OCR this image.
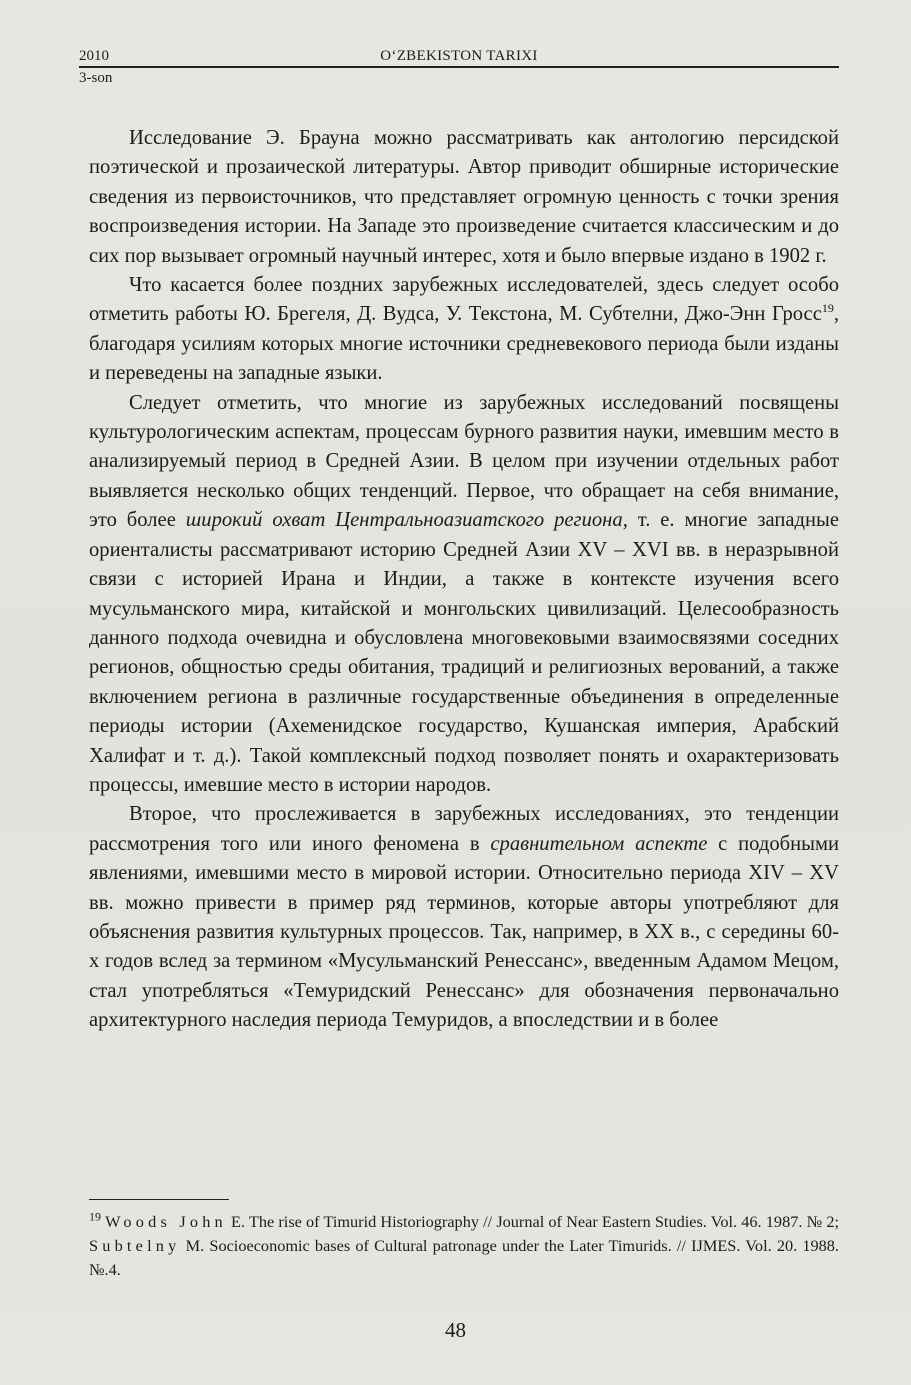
2010	O‘ZBEKISTON TARIXI
3-son

Исследование Э. Брауна можно рассматривать как антологию персидской поэтической и прозаической литературы. Автор приводит обширные исторические сведения из первоисточников, что представляет огромную ценность с точки зрения воспроизведения истории. На Западе это произведение считается классическим и до сих пор вызывает огромный научный интерес, хотя и было впервые издано в 1902 г.

Что касается более поздних зарубежных исследователей, здесь следует особо отметить работы Ю. Брегеля, Д. Вудса, У. Текстона, М. Субтелни, Джо-Энн Гросс$^{19}$, благодаря усилиям которых многие источники средневекового периода были изданы и переведены на западные языки.

Следует отметить, что многие из зарубежных исследований посвящены культурологическим аспектам, процессам бурного развития науки, имевшим место в анализируемый период в Средней Азии. В целом при изучении отдельных работ выявляется несколько общих тенденций. Первое, что обращает на себя внимание, это более широкий охват Центральноазиатского региона, т. е. многие западные ориенталисты рассматривают историю Средней Азии XV – XVI вв. в неразрывной связи с историей Ирана и Индии, а также в контексте изучения всего мусульманского мира, китайской и монгольских цивилизаций. Целесообразность данного подхода очевидна и обусловлена многовековыми взаимосвязями соседних регионов, общностью среды обитания, традиций и религиозных верований, а также включением региона в различные государственные объединения в определенные периоды истории (Ахеменидское государство, Кушанская империя, Арабский Халифат и т. д.). Такой комплексный подход позволяет понять и охарактеризовать процессы, имевшие место в истории народов.

Второе, что прослеживается в зарубежных исследованиях, это тенденции рассмотрения того или иного феномена в сравнительном аспекте с подобными явлениями, имевшими место в мировой истории. Относительно периода XIV – XV вв. можно привести в пример ряд терминов, которые авторы употребляют для объяснения развития культурных процессов. Так, например, в XX в., с середины 60-х годов вслед за термином «Мусульманский Ренессанс», введенным Адамом Мецом, стал употребляться «Темуридский Ренессанс» для обозначения первоначально архитектурного наследия периода Темуридов, а впоследствии и в более

$^{19}$ Woods John E. The rise of Timurid Historiography // Journal of Near Eastern Studies. Vol. 46. 1987. № 2; Subtelny M. Socioeconomic bases of Cultural patronage under the Later Timurids. // IJMES. Vol. 20. 1988. №.4.

48
